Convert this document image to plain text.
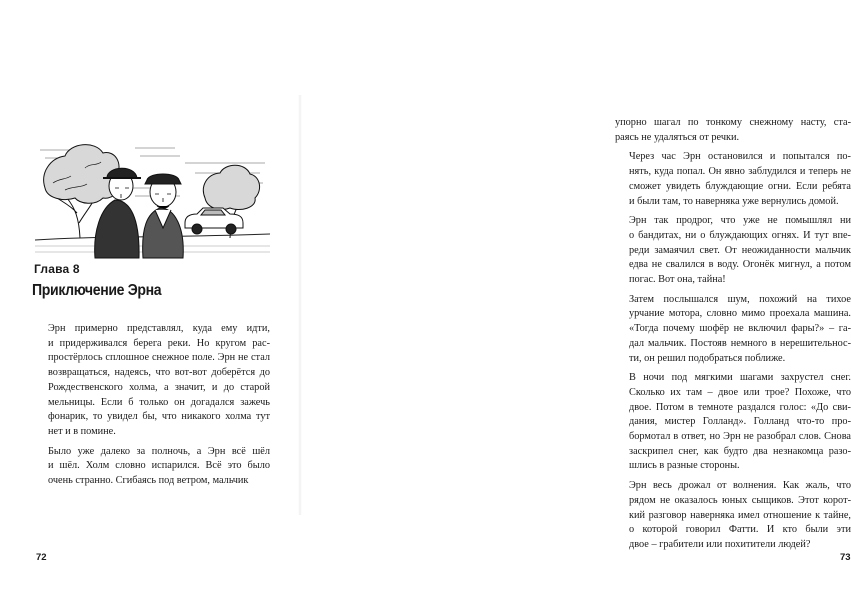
Глава 8
Приключение Эрна
Эрн примерно представлял, куда ему идти,
и придерживался берега реки. Но кругом рас-
простёрлось сплошное снежное поле. Эрн не стал
возвращаться, надеясь, что вот-вот доберётся до
Рождественского холма, а значит, и до старой
мельницы. Если б только он догадался зажечь
фонарик, то увидел бы, что никакого холма тут
нет и в помине.
Было уже далеко за полночь, а Эрн всё шёл
и шёл. Холм словно испарился. Всё это было
очень странно. Сгибаясь под ветром, мальчик
72
упорно шагал по тонкому снежному насту, ста-
раясь не удаляться от речки.
Через час Эрн остановился и попытался по-
нять, куда попал. Он явно заблудился и теперь не
сможет увидеть блуждающие огни. Если ребята
и были там, то наверняка уже вернулись домой.
Эрн так продрог, что уже не помышлял ни
о бандитах, ни о блуждающих огнях. И тут впе-
реди замаячил свет. От неожиданности мальчик
едва не свалился в воду. Огонёк мигнул, а потом
погас. Вот она, тайна!
Затем послышался шум, похожий на тихое
урчание мотора, словно мимо проехала машина.
«Тогда почему шофёр не включил фары?» – га-
дал мальчик. Постояв немного в нерешительнос-
ти, он решил подобраться поближе.
В ночи под мягкими шагами захрустел снег.
Сколько их там – двое или трое? Похоже, что
двое. Потом в темноте раздался голос: «До сви-
дания, мистер Голланд». Голланд что-то про-
бормотал в ответ, но Эрн не разобрал слов. Снова
заскрипел снег, как будто два незнакомца разо-
шлись в разные стороны.
Эрн весь дрожал от волнения. Как жаль, что
рядом не оказалось юных сыщиков. Этот корот-
кий разговор наверняка имел отношение к тайне,
о которой говорил Фатти. И кто были эти
двое – грабители или похитители людей?
73
